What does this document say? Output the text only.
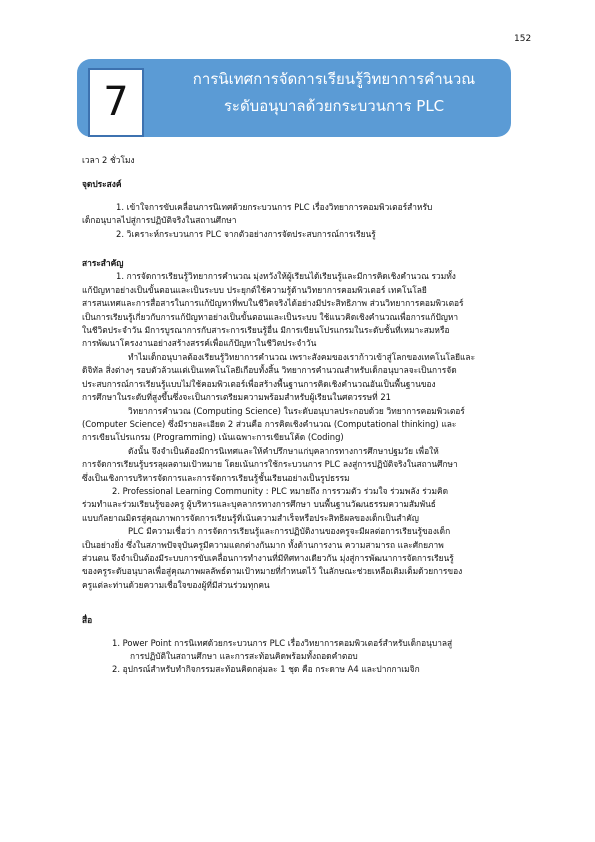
152
7	การนิเทศการจัดการเรียนรู้วิทยาการคำนวณ
ระดับอนุบาลด้วยกระบวนการ PLC
เวลา 2 ชั่วโมง
จุดประสงค์
1. เข้าใจการขับเคลื่อนการนิเทศด้วยกระบวนการ PLC เรื่องวิทยาการคอมพิวเตอร์สำหรับ
เด็กอนุบาลไปสู่การปฏิบัติจริงในสถานศึกษา
2. วิเคราะห์กระบวนการ PLC จากตัวอย่างการจัดประสบการณ์การเรียนรู้
สาระสำคัญ
1. การจัดการเรียนรู้วิทยาการคำนวณ มุ่งหวังให้ผู้เรียนได้เรียนรู้และมีการคิดเชิงคำนวณ รวมทั้ง
แก้ปัญหาอย่างเป็นขั้นตอนและเป็นระบบ ประยุกต์ใช้ความรู้ด้านวิทยาการคอมพิวเตอร์ เทคโนโลยี
สารสนเทศและการสื่อสารในการแก้ปัญหาที่พบในชีวิตจริงได้อย่างมีประสิทธิภาพ ส่วนวิทยาการคอมพิวเตอร์
เป็นการเรียนรู้เกี่ยวกับการแก้ปัญหาอย่างเป็นขั้นตอนและเป็นระบบ ใช้แนวคิดเชิงคำนวณเพื่อการแก้ปัญหา
ในชีวิตประจำวัน มีการบูรณาการกับสาระการเรียนรู้อื่น มีการเขียนโปรแกรมในระดับชั้นที่เหมาะสมหรือ
การพัฒนาโครงงานอย่างสร้างสรรค์เพื่อแก้ปัญหาในชีวิตประจำวัน
ทำไมเด็กอนุบาลต้องเรียนรู้วิทยาการคำนวณ เพราะสังคมของเราก้าวเข้าสู่โลกของเทคโนโลยีและ
ดิจิทัล สิ่งต่างๆ รอบตัวล้วนแต่เป็นเทคโนโลยีเกือบทั้งสิ้น วิทยาการคำนวณสำหรับเด็กอนุบาลจะเป็นการจัด
ประสบการณ์การเรียนรู้แบบไม่ใช้คอมพิวเตอร์เพื่อสร้างพื้นฐานการคิดเชิงคำนวณอันเป็นพื้นฐานของ
การศึกษาในระดับที่สูงขึ้นซึ่งจะเป็นการเตรียมความพร้อมสำหรับผู้เรียนในศตวรรษที่ 21
วิทยาการคำนวณ (Computing Science) ในระดับอนุบาลประกอบด้วย วิทยาการคอมพิวเตอร์
(Computer Science) ซึ่งมีรายละเอียด 2 ส่วนคือ การคิดเชิงคำนวณ (Computational thinking) และ
การเขียนโปรแกรม (Programming) เน้นเฉพาะการเขียนโค้ด (Coding)
ดังนั้น จึงจำเป็นต้องมีการนิเทศและให้คำปรึกษาแก่บุคลากรทางการศึกษาปฐมวัย เพื่อให้
การจัดการเรียนรู้บรรลุผลตามเป้าหมาย โดยเน้นการใช้กระบวนการ PLC ลงสู่การปฏิบัติจริงในสถานศึกษา
ซึ่งเป็นเชิงการบริหารจัดการและการจัดการเรียนรู้ชั้นเรียนอย่างเป็นรูปธรรม
2. Professional Learning Community : PLC หมายถึง การรวมตัว ร่วมใจ ร่วมพลัง ร่วมคิด
ร่วมทำและร่วมเรียนรู้ของครู ผู้บริหารและบุคลากรทางการศึกษา บนพื้นฐานวัฒนธรรมความสัมพันธ์
แบบกัลยาณมิตรสู่คุณภาพการจัดการเรียนรู้ที่เน้นความสำเร็จหรือประสิทธิผลของเด็กเป็นสำคัญ
PLC มีความเชื่อว่า การจัดการเรียนรู้และการปฏิบัติงานของครูจะมีผลต่อการเรียนรู้ของเด็ก
เป็นอย่างยิ่ง ซึ่งในสภาพปัจจุบันครูมีความแตกต่างกันมาก ทั้งด้านการงาน ความสามารถ และศักยภาพ
ส่วนตน จึงจำเป็นต้องมีระบบการขับเคลื่อนการทำงานที่มีทิศทางเดียวกัน มุ่งสู่การพัฒนาการจัดการเรียนรู้
ของครูระดับอนุบาลเพื่อสู่คุณภาพผลลัพธ์ตามเป้าหมายที่กำหนดไว้ ในลักษณะช่วยเหลือเติมเต็มด้วยการของ
ครูแต่ละท่านด้วยความเชื่อใจของผู้ที่มีส่วนร่วมทุกคน
สื่อ
1. Power Point การนิเทศด้วยกระบวนการ PLC เรื่องวิทยาการคอมพิวเตอร์สำหรับเด็กอนุบาลสู่
การปฏิบัติในสถานศึกษา และการสะท้อนคิดพร้อมทั้งถอดคำตอบ
2. อุปกรณ์สำหรับทำกิจกรรมสะท้อนคิดกลุ่มละ 1 ชุด คือ กระดาษ A4 และปากกาเมจิก
